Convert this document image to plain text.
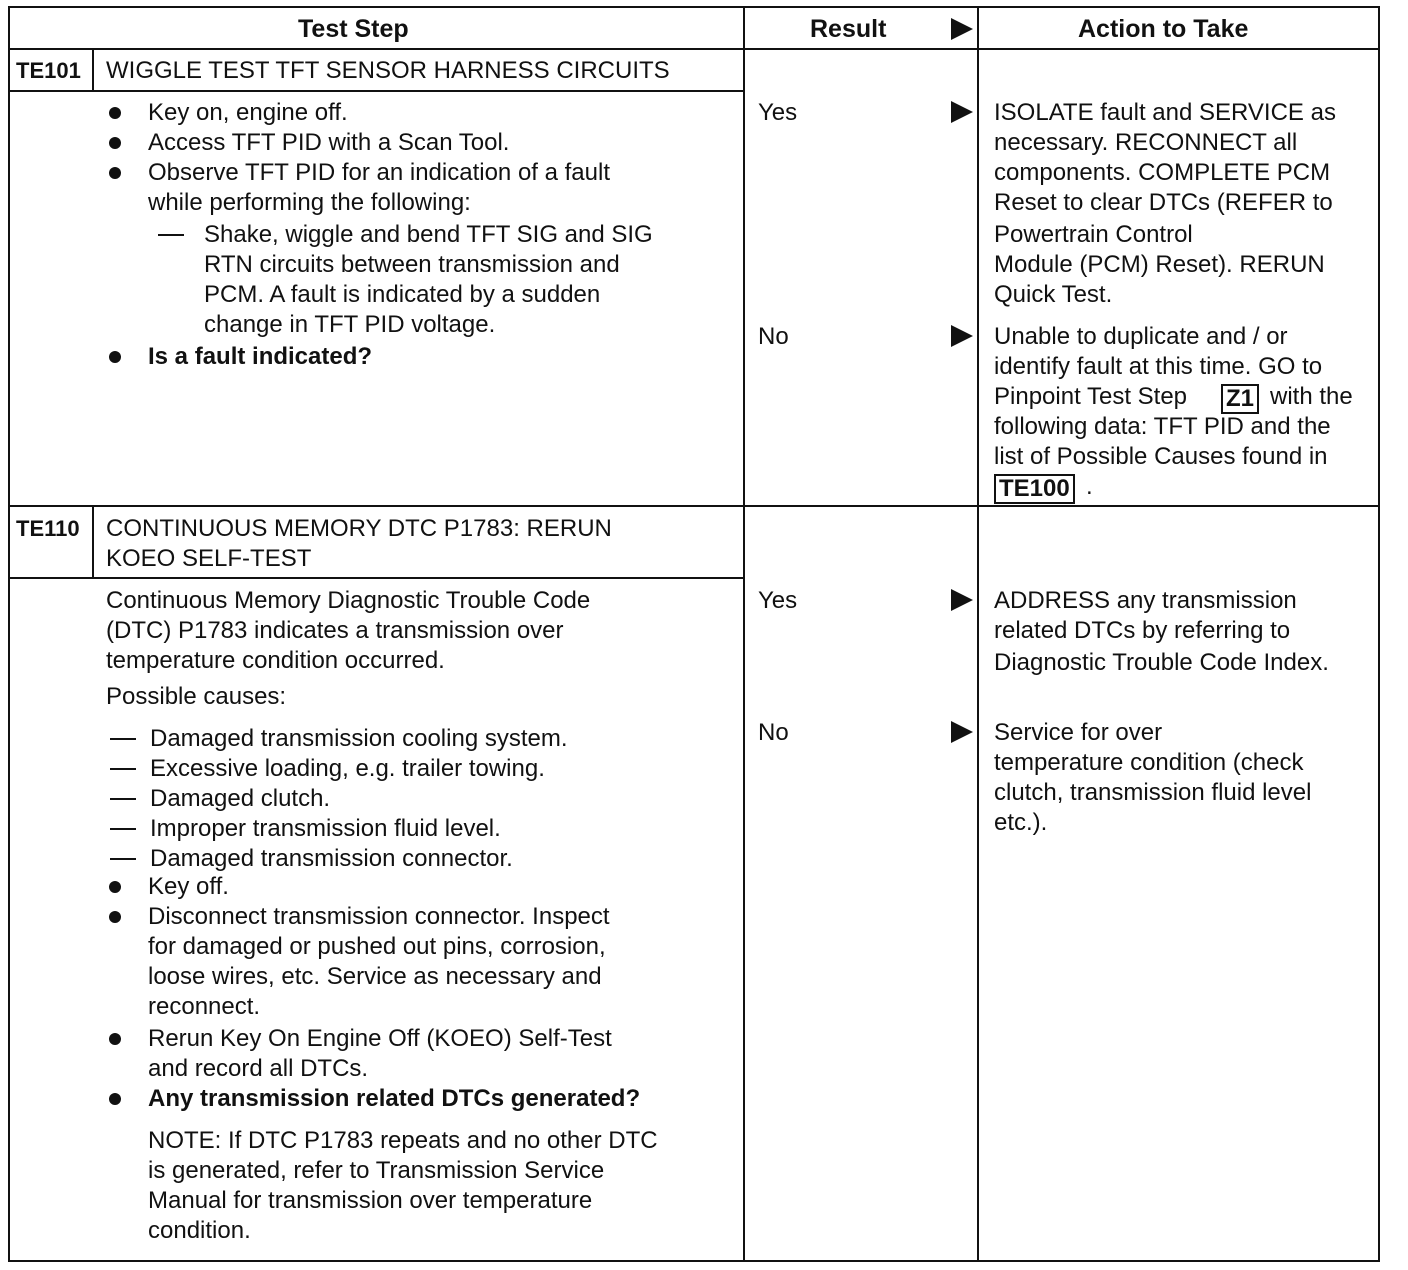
Test Step	Result	Action to Take
TE101 WIGGLE TEST TFT SENSOR HARNESS CIRCUITS
Key on, engine off.
Access TFT PID with a Scan Tool.
Observe TFT PID for an indication of a fault
while performing the following:
Shake, wiggle and bend TFT SIG and SIG
RTN circuits between transmission and
PCM. A fault is indicated by a sudden
change in TFT PID voltage.
Is a fault indicated?
Yes	ISOLATE fault and SERVICE as
necessary. RECONNECT all
components. COMPLETE PCM
Reset to clear DTCs (REFER to
Powertrain Control
Module (PCM) Reset). RERUN
Quick Test.
No	Unable to duplicate and / or
identify fault at this time. GO to
Pinpoint Test Step Z1 with the
following data: TFT PID and the
list of Possible Causes found in
TE100 .
TE110 CONTINUOUS MEMORY DTC P1783: RERUN
KOEO SELF-TEST
Continuous Memory Diagnostic Trouble Code
(DTC) P1783 indicates a transmission over
temperature condition occurred.
Possible causes:
Damaged transmission cooling system.
Excessive loading, e.g. trailer towing.
Damaged clutch.
Improper transmission fluid level.
Damaged transmission connector.
Key off.
Disconnect transmission connector. Inspect
for damaged or pushed out pins, corrosion,
loose wires, etc. Service as necessary and
reconnect.
Rerun Key On Engine Off (KOEO) Self-Test
and record all DTCs.
Any transmission related DTCs generated?
NOTE: If DTC P1783 repeats and no other DTC
is generated, refer to Transmission Service
Manual for transmission over temperature
condition.
Yes	ADDRESS any transmission
related DTCs by referring to
Diagnostic Trouble Code Index.
No	Service for over
temperature condition (check
clutch, transmission fluid level
etc.).
